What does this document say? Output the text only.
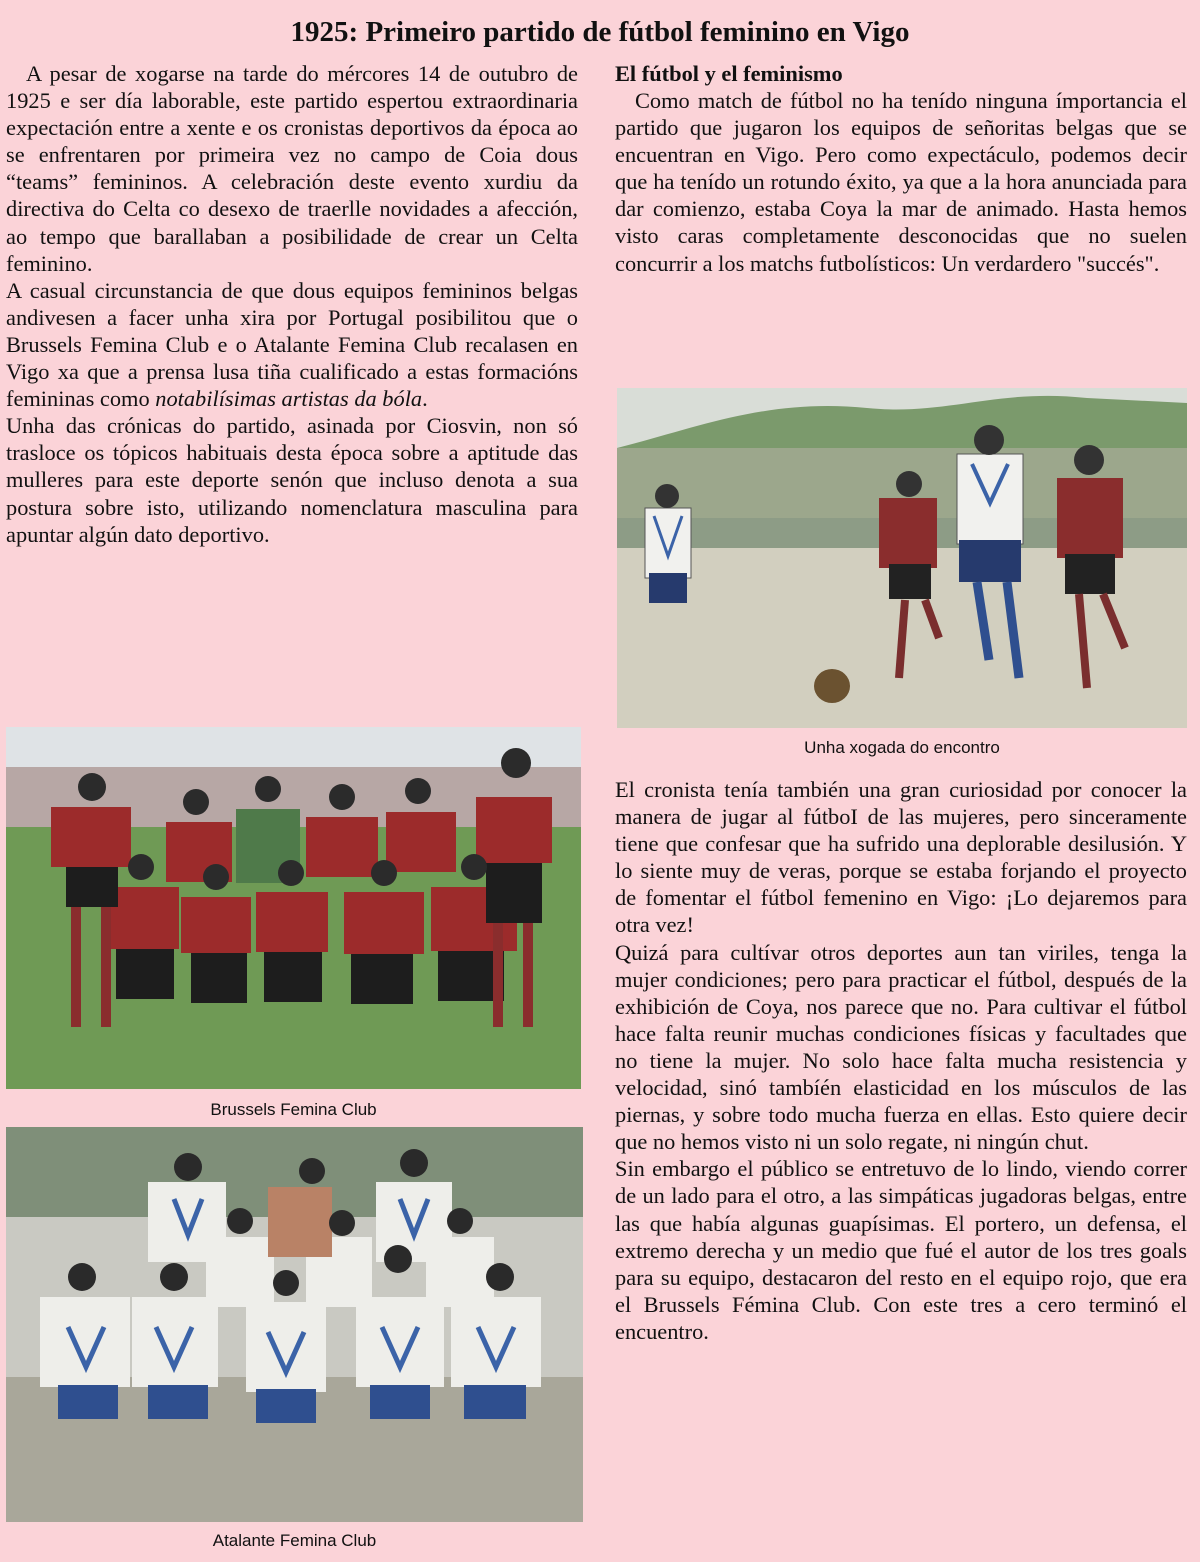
1925: Primeiro partido de fútbol feminino en Vigo

A pesar de xogarse na tarde do mércores 14 de outubro de 1925 e ser día laborable, este partido espertou extraordinaria expectación entre a xente e os cronistas deportivos da época ao se enfrentaren por primeira vez no campo de Coia dous “teams” femininos. A celebración deste evento xurdiu da directiva do Celta co desexo de traerlle novidades a afección, ao tempo que barallaban a posibilidade de crear un Celta feminino.

A casual circunstancia de que dous equipos femininos belgas andivesen a facer unha xira por Portugal posibilitou que o Brussels Femina Club e o Atalante Femina Club recalasen en Vigo xa que a prensa lusa tiña cualificado a estas formacións femininas como notabilísimas artistas da bóla.

Unha das crónicas do partido, asinada por Ciosvin, non só trasloce os tópicos habituais desta época sobre a aptitude das mulleres para este deporte senón que incluso denota a sua postura sobre isto, utilizando nomenclatura masculina para apuntar algún dato deportivo.

El fútbol y el feminismo

Como match de fútbol no ha tenído ninguna ímportancia el partido que jugaron los equipos de señoritas belgas que se encuentran en Vigo. Pero como expectáculo, podemos decir que ha tenído un rotundo éxito, ya que a la hora anunciada para dar comienzo, estaba Coya la mar de animado. Hasta hemos visto caras completamente desconocidas que no suelen concurrir a los matchs futbolísticos: Un verdardero "succés".

Unha xogada do encontro

El cronista tenía también una gran curiosidad por conocer la manera de jugar al fútboI de las mujeres, pero sinceramente tiene que confesar que ha sufrido una deplorable desilusión. Y lo siente muy de veras, porque se estaba forjando el proyecto de fomentar el fútbol femenino en Vigo: ¡Lo dejaremos para otra vez!

Quizá para cultívar otros deportes aun tan viriles, tenga la mujer condiciones; pero para practicar el fútbol, después de la exhibición de Coya, nos parece que no. Para cultivar el fútbol hace falta reunir muchas condiciones físicas y facultades que no tiene la mujer. No solo hace falta mucha resistencia y velocidad, sinó tambíén elasticidad en los músculos de las piernas, y sobre todo mucha fuerza en ellas. Esto quiere decir que no hemos visto ni un solo regate, ni ningún chut.

Sin embargo el público se entretuvo de lo lindo, viendo correr de un lado para el otro, a las simpáticas jugadoras belgas, entre las que había algunas guapísimas. El portero, un defensa, el extremo derecha y un medio que fué el autor de los tres goals para su equipo, destacaron del resto en el equipo rojo, que era el Brussels Fémina Club. Con este tres a cero terminó el encuentro.

Brussels Femina Club
Atalante Femina Club
